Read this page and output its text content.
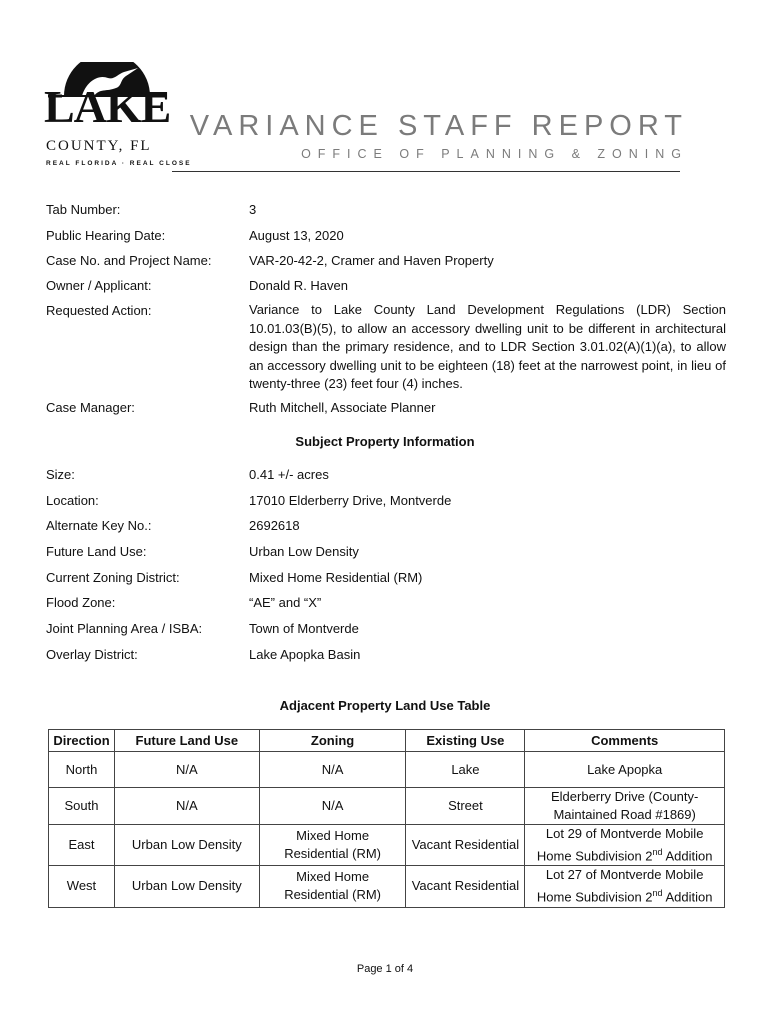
LAKE
COUNTY, FL
REAL FLORIDA · REAL CLOSE
VARIANCE STAFF REPORT
OFFICE OF PLANNING & ZONING
Tab Number:	3
Public Hearing Date:	August 13, 2020
Case No. and Project Name:	VAR-20-42-2, Cramer and Haven Property
Owner / Applicant:	Donald R. Haven
Requested Action:	Variance to Lake County Land Development Regulations (LDR) Section 10.01.03(B)(5), to allow an accessory dwelling unit to be different in architectural design than the primary residence, and to LDR Section 3.01.02(A)(1)(a), to allow an accessory dwelling unit to be eighteen (18) feet at the narrowest point, in lieu of twenty-three (23) feet four (4) inches.
Case Manager:	Ruth Mitchell, Associate Planner
Subject Property Information
Size:	0.41 +/- acres
Location:	17010 Elderberry Drive, Montverde
Alternate Key No.:	2692618
Future Land Use:	Urban Low Density
Current Zoning District:	Mixed Home Residential (RM)
Flood Zone:	“AE” and “X”
Joint Planning Area / ISBA:	Town of Montverde
Overlay District:	Lake Apopka Basin
Adjacent Property Land Use Table
Direction	Future Land Use	Zoning	Existing Use	Comments
North	N/A	N/A	Lake	Lake Apopka
South	N/A	N/A	Street	Elderberry Drive (County-Maintained Road #1869)
East	Urban Low Density	Mixed Home Residential (RM)	Vacant Residential	Lot 29 of Montverde Mobile Home Subdivision 2nd Addition
West	Urban Low Density	Mixed Home Residential (RM)	Vacant Residential	Lot 27 of Montverde Mobile Home Subdivision 2nd Addition
Page 1 of 4
